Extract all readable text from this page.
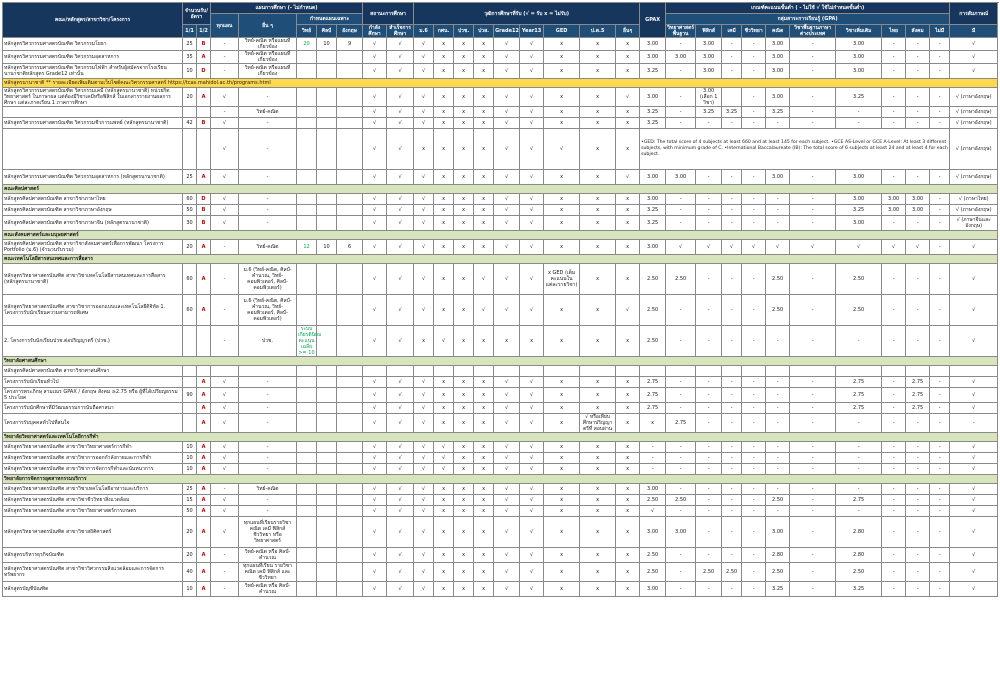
คณะ/หลักสูตร/สาขาวิชา/โครงการ	จำนวนรับ/อัตรา		แผนการศึกษา (- ไม่กำหนด)					สถานะการศึกษา		วุฒิการศึกษาที่รับ (√ = รับ x = ไม่รับ)									GPAX	เกณฑ์คะแนนขั้นต่ำ ( - ไม่ใช้ √ ใช้ไม่กำหนดขั้นต่ำ)										การสัมภาษณ์	
			ทุกแผน	อื่น ๆ	กำหนดแผนเฉพาะ															กลุ่มสาระการเรียนรู้ (GPA)											
	1/1	1/2			วิทย์	ศิลป์	อังกฤษ	กำลังศึกษา	สำเร็จการศึกษา	ม.6	กศน.	ปวช.	ปวส.	Grade12	Year13	GED	ป.ต.5	อื่นๆ		วิทยาศาสตร์พื้นฐาน	ฟิสิกส์	เคมี	ชีววิทยา	คณิต	วิชาพื้นฐานภาษาต่างประเทศ	วิชาเพิ่มเติม	ไทย	สังคม	ไม่มี	มี	
หลักสูตรวิศวกรรมศาสตรบัณฑิต วิศวกรรมโยธา	25	B	-	วิทย์-คณิต หรือแผนที่เกี่ยวข้อง	20	10	9	√	√	√	x	x	x	√	√	x	x	x	3.00	-	3.00	-	-	3.00	-	3.00	-	-	-	√	
หลักสูตรวิศวกรรมศาสตรบัณฑิต วิศวกรรมอุตสาหการ	35	A	-	วิทย์-คณิต หรือแผนที่เกี่ยวข้อง				√	√	√	x	x	x	√	√	x	x	x	3.00	3.00	3.00	-	-	3.00	-	3.00	-	-	-	√	
หลักสูตรวิศวกรรมศาสตรบัณฑิต วิศวกรรมไฟฟ้า สำหรับผู้สมัครจากโรงเรียนนานาชาติหลักสูตร Grade12 เท่านั้น	10	D	-	วิทย์-คณิต หรือแผนที่เกี่ยวข้อง				√	√	√	x	x	x	√	√	x	x	x	3.25	-	3.00	-	-	3.00	-	3.00	-	-	-	√	
หลักสูตรนานาชาติ ** รายละเอียดเพิ่มเติมตามเว็บไซต์คณะวิศวกรรมศาสตร์ https://tcas.mahidol.ac.th/programs.html																															
หลักสูตรวิศวกรรมศาสตรบัณฑิต วิศวกรรมเคมี (หลักสูตรนานาชาติ) หน่วยกิตวิทยาศาสตร์ ในภาษาผล แต่ต้องมีวิชาเคมีหรือฟิสิกส์ ในเอกสารรายงานผลการศึกษา แต่ละภาคเรียน 1 ภาคการศึกษา	20	A	√	-				√	√	√	x	x	x	√	√	x	x	√	3.00	-	3.00 (เลือก 1 วิชา)		-	3.00	-	3.25	-	-	-	√ (ภาษาอังกฤษ)	
			-	วิทย์-คณิต				√	√	√	x	x	x	√	√	x	x	x	3.25	-	3.25	3.25	-	3.25	-	-	-	-	-	√ (ภาษาอังกฤษ)	
หลักสูตรวิศวกรรมศาสตรบัณฑิต วิศวกรรมชีวการแพทย์ (หลักสูตรนานาชาติ)	42	B	√	-				√	√	√	x	x	x	√	√	x	x	x	3.25	-	-	-	-	-	-	-	-	-	-	√ (ภาษาอังกฤษ)	
			√	-				√	√	x	x	x	x	√	√	√	x	x	•GED: The total score of 4 subjects at least 660 and at least 145 for each subject. •GCE AS-Level or GCE A-Level: At least 3 different subjects, with minimum grade of C. •International Baccalaureate (IB): The total score of 6 subjects at least 24 and at least 4 for each subject.											√ (ภาษาอังกฤษ)	
หลักสูตรวิศวกรรมศาสตรบัณฑิต วิศวกรรมอุตสาหการ (หลักสูตรนานาชาติ)	25	A	√	-				√	√	√	x	x	x	√	√	x	x	√	3.00	3.00	-	-	-	3.00	-	3.00	-	-	-	√ (ภาษาอังกฤษ)	
คณะศิลปศาสตร์																															
หลักสูตรศิลปศาสตรบัณฑิต สาขาวิชาภาษาไทย	60	D	√	-				√	√	√	x	x	x	√	√	x	x	x	3.00	-	-	-	-	-	-	3.00	3.00	3.00	-	√ (ภาษาไทย)	
หลักสูตรศิลปศาสตรบัณฑิต สาขาวิชาภาษาอังกฤษ	50	B	√	-				√	√	√	x	x	x	√	√	x	x	x	3.25	-	-	-	-	-	-	3.25	3.00	3.00	-	√ (ภาษาอังกฤษ)	
หลักสูตรศิลปศาสตรบัณฑิต สาขาวิชาภาษาจีน (หลักสูตรนานาชาติ)	30	B	√	-				√	√	√	x	x	x	√	√	x	x	x	3.25	-	-	-	-	-	-	3.00	-	-	-	√ (ภาษาจีนและอังกฤษ)	
คณะสังคมศาสตร์และมนุษยศาสตร์																															
หลักสูตรศิลปศาสตรบัณฑิต สาขาวิชาสังคมศาสตร์เพื่อการพัฒนา โครงการ Portfolio (ม.6) (จำนวนรับรวม)	20	A	-	วิทย์-คณิต	12	10	6	√	√	√	x	x	x	√	√	x	x	x	3.00	√	√	√	√	√	√	√	√	√	-	√	
คณะเทคโนโลยีสารสนเทศและการสื่อสาร																															
หลักสูตรวิทยาศาสตรบัณฑิต สาขาวิชาเทคโนโลยีสารสนเทศและการสื่อสาร (หลักสูตรนานาชาติ)	60	A	-	ม.6 (วิทย์-คณิต, ศิลป์-คำนวณ, วิทย์-คอมพิวเตอร์, ศิลป์-คอมพิวเตอร์)				√	√	√	x	x	√	√	√	x GED (เต็ม คะแนนในแต่ละรายวิชา)	x	x	2.50	2.50	-	-	-	2.50	-	2.50	-	-	-	√	
หลักสูตรวิทยาศาสตรบัณฑิต สาขาวิชาการออกแบบและเทคโนโลยีดิจิทัล 1. โครงการรับนักเรียนความสามารถพิเศษ	60	A	-	ม.6 (วิทย์-คณิต, ศิลป์-คำนวณ, วิทย์-คอมพิวเตอร์, ศิลป์-คอมพิวเตอร์)				√	√	√	x	x	√	√	√	x	x	√	2.50	-	-	-	-	2.50	-	2.50	-	-	-	√	
2. โครงการรับนักเรียนปวช.ต่อปริญญาตรี (ปวช.)			-	ปวช.	ระบบเกียรตินิยมคะแนนเฉลี่ย >= 10			√	√	x	√	x	x	x	x	x	x	x	2.50	-	-	-	-	-	-	-	-	-	-	√	
วิทยาลัยศาสนศึกษา																															
หลักสูตรศิลปศาสตรบัณฑิต สาขาวิชาศาสนศึกษา																															
โครงการรับนักเรียนทั่วไป		A	√	-				√	√	√	x	x	x	√	√	x	x	x	2.75	-	-	-	-	-	-	2.75	-	2.75	-	√	
โครงการพระภิกษุ สามเณร GPAX / อังกฤษ สังคม ≥2.75 หรือ ผู้ที่ได้เปรียญธรรม 5 ประโยค	90	A	√	-				√	√	√	x	x	x	√	√	x	x	x	2.75	-	-	-	-	-	-	2.75	-	2.75	-	√	
โครงการรับนักศึกษาที่มีวัฒนธรรมการนับถือศาสนา		A	√	-				√	√	√	x	x	x	√	√	x	x	x	2.75	-	-	-	-	-	-	2.75	-	2.75	-	√	
โครงการรับบุคคลทั่วไปที่สนใจ		A	√	-				√	√	√	x	x	x	√	√	x	√ หรือเทียบ ศึกษาปริญญาตรีที่ สอบผ่าน	x	x	2.75	-	-	-	-	-	-	-	-	-	-	
วิทยาลัยวิทยาศาสตร์และเทคโนโลยีการกีฬา																															
หลักสูตรวิทยาศาสตรบัณฑิต สาขาวิชาวิทยาศาสตร์การกีฬา	10	A	√	-				√	√	√	√	x	x	√	√	x	x	x	-	-	-	-	-	-	-	-	-	-	-	√	
หลักสูตรวิทยาศาสตรบัณฑิต สาขาวิชาการออกกำลังกายและการกีฬา	10	A	√	-				√	√	√	√	x	x	√	√	x	x	x	-	-	-	-	-	-	-	-	-	-	-	√	
หลักสูตรวิทยาศาสตรบัณฑิต สาขาวิชาการจัดการกีฬาและนันทนาการ	10	A	√	-				√	√	√	√	x	x	√	√	x	x	x	-	-	-	-	-	-	-	-	-	-	-	√	
วิทยาลัยการจัดการอุตสาหกรรมบริการ																															
หลักสูตรวิทยาศาสตรบัณฑิต สาขาวิชาเทคโนโลยีอาหารและบริการ	25	A	-	วิทย์-คณิต				√	√	√	x	x	x	√	√	x	x	x	3.00	-	-	-	-	-	-	-	-	-	-	√	
หลักสูตรวิทยาศาสตรบัณฑิต สาขาวิชาชีววิทยาสิ่งแวดล้อม	15	A	√	-				√	√	√	x	x	x	√	√	x	x	x	2.50	2.50	-	-	-	2.50	-	2.75	-	-	-	√	
หลักสูตรวิทยาศาสตรบัณฑิต สาขาวิชาวิทยาศาสตร์การเกษตร	50	A	√	-				√	√	√	x	x	x	√	√	x	x	x	√	-	-	-	-	-	-	-	-	-	-	√	
หลักสูตรวิทยาศาสตรบัณฑิต สาขาวิชาสถิติศาสตร์	20	A	√	ทุกแผนที่เรียนรายวิชา คณิต เคมี ฟิสิกส์ ชีววิทยา หรือวิทยาศาสตร์				√	√	√	x	x	x	√	√	x	x	x	3.00	3.00	-	-	-	3.00	-	2.80	-	-	-	√	
หลักสูตรบริหารธุรกิจบัณฑิต	20	A	-	วิทย์-คณิต หรือ ศิลป์-คำนวณ				√	√	√	x	x	x	√	√	x	x	x	2.50	-	-	-	-	2.80	-	2.80	-	-	-	√	
หลักสูตรวิทยาศาสตรบัณฑิต สาขาวิชาวิศวกรรมสิ่งแวดล้อมและการจัดการทรัพยากร	40	A	-	ทุกแผนที่เรียน รายวิชา คณิต เคมี ฟิสิกส์ และชีววิทยา				√	√	√	x	x	x	√	√	x	x	x	2.50	-	2.50	2.50	-	2.50	-	2.50	-	-	-	√	
หลักสูตรบัญชีบัณฑิต	10	A	-	วิทย์-คณิต หรือ ศิลป์-คำนวณ				√	√	√	x	x	x	√	√	x	x	x	3.00	-	-	-	-	3.25	-	3.25	-	-	-	√	
